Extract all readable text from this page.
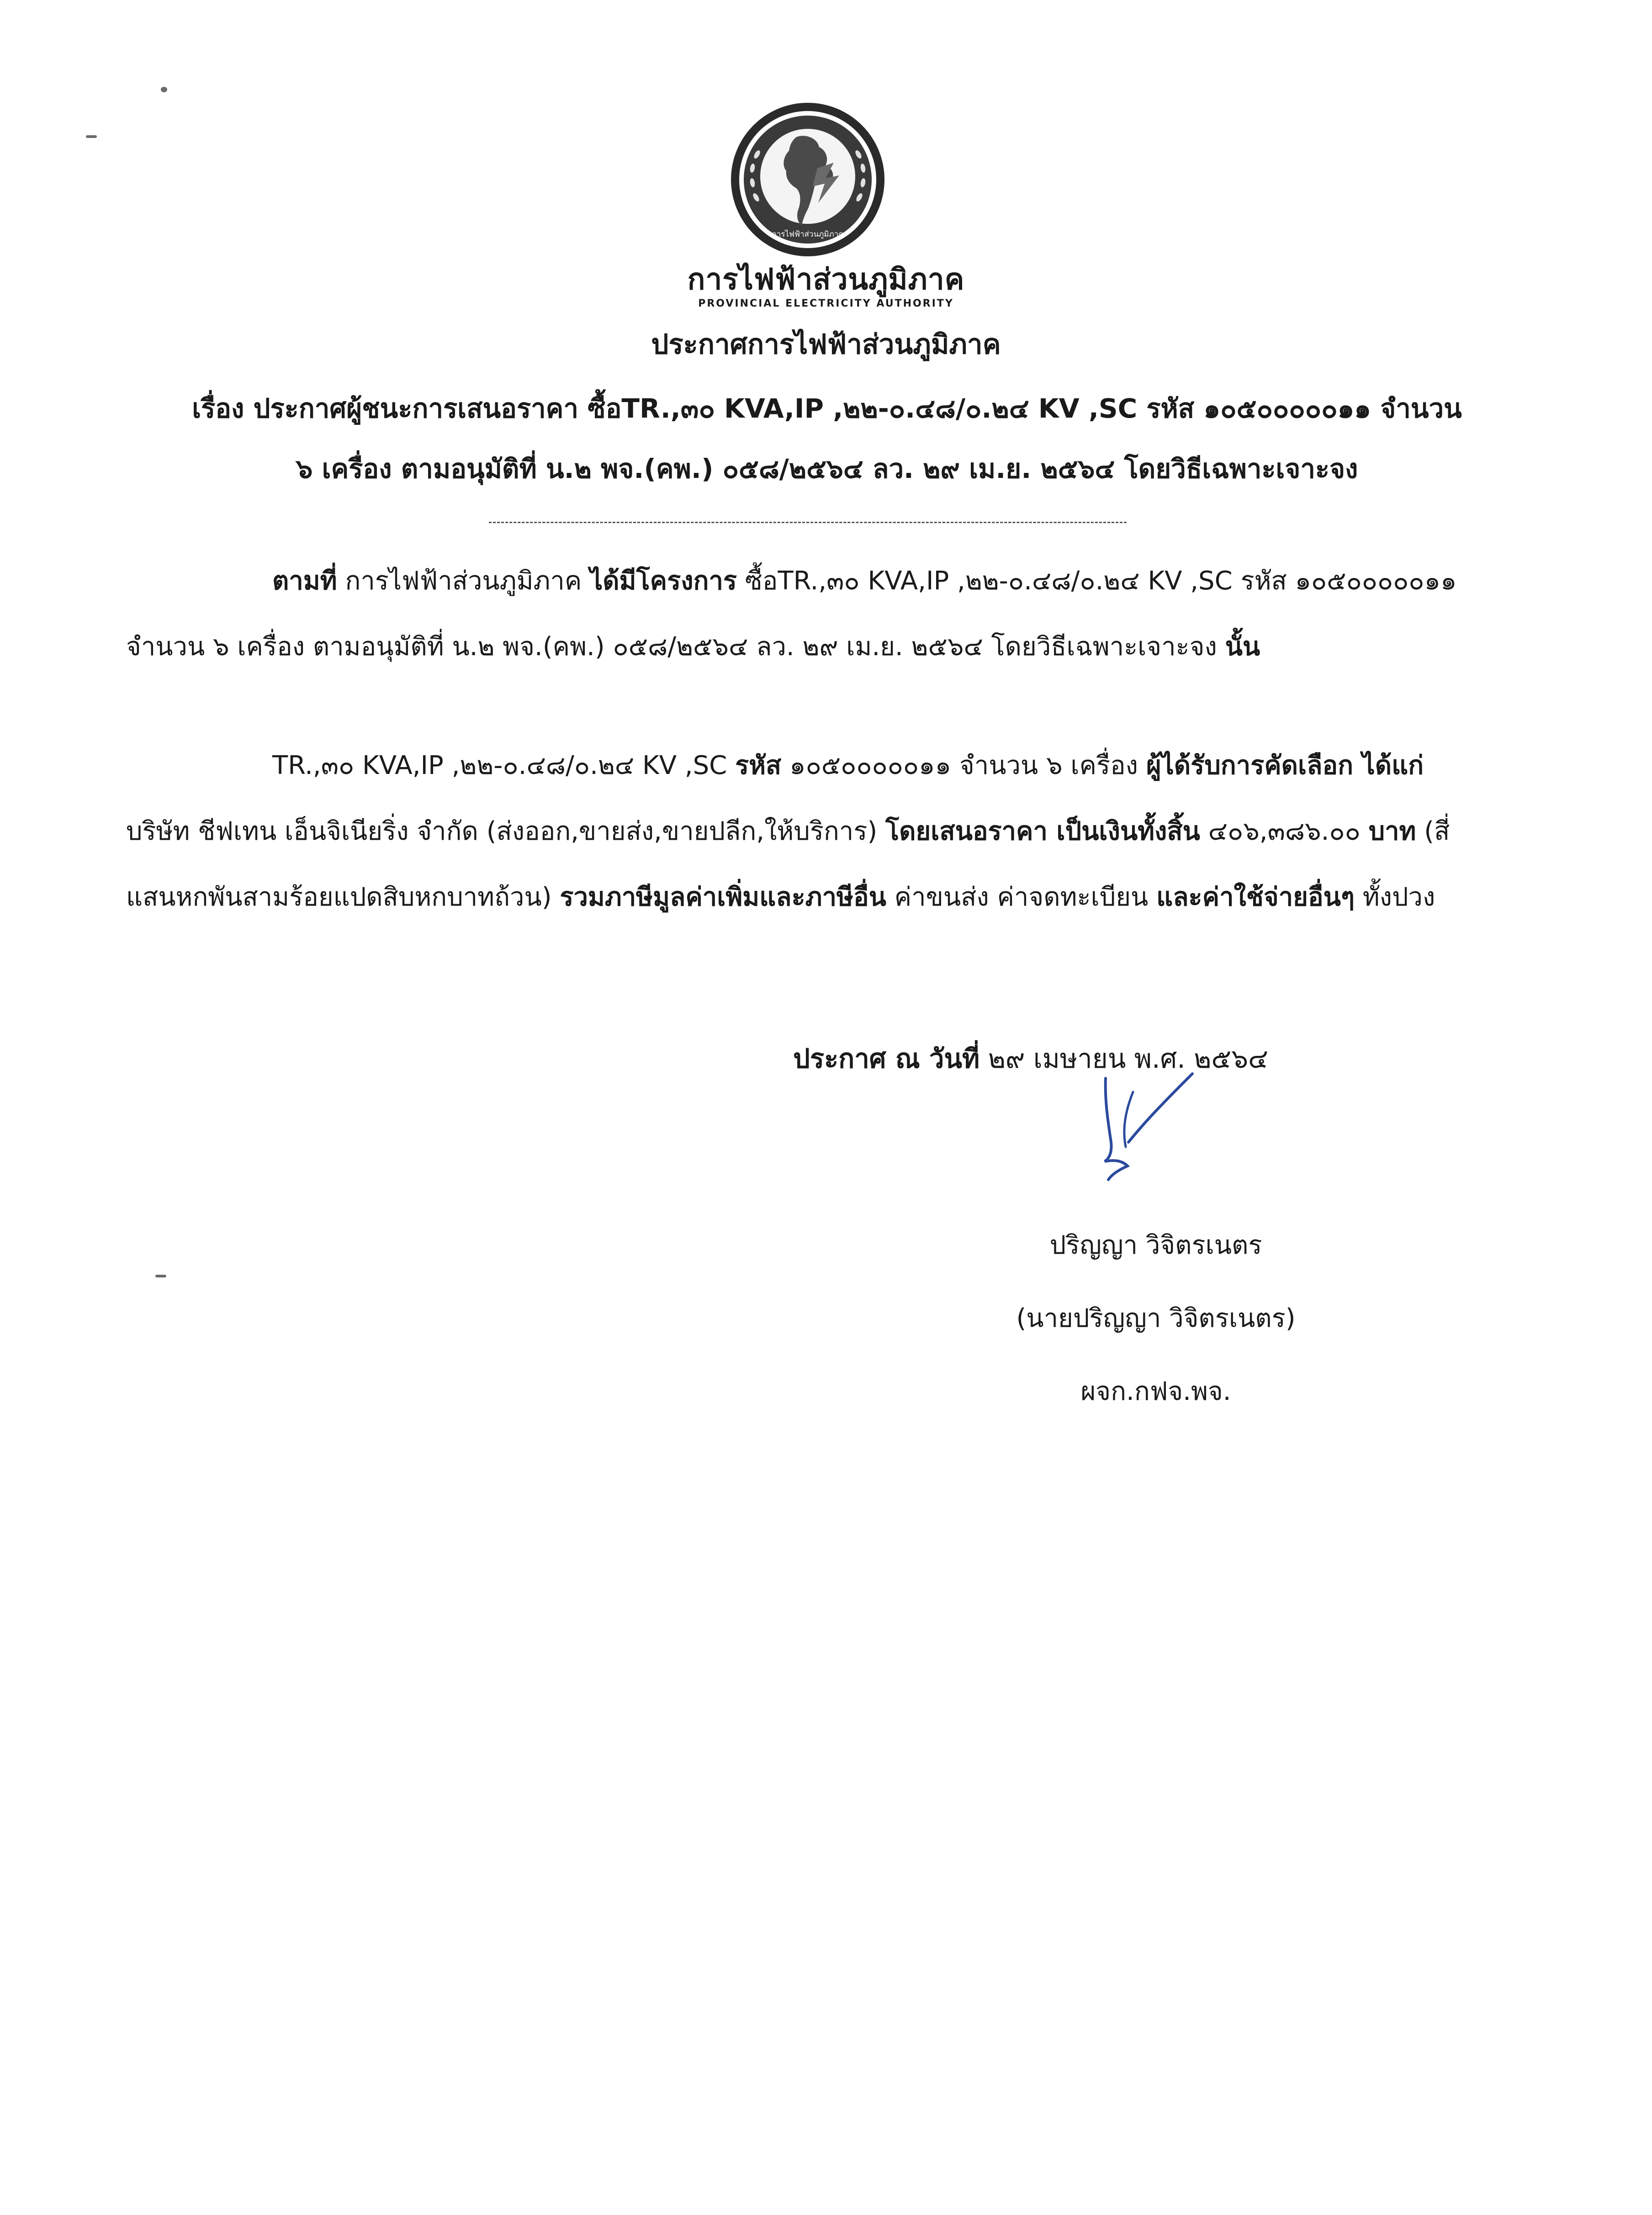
การไฟฟ้าส่วนภูมิภาค
การไฟฟ้าส่วนภูมิภาค
PROVINCIAL ELECTRICITY AUTHORITY
ประกาศการไฟฟ้าส่วนภูมิภาค
เรื่อง ประกาศผู้ชนะการเสนอราคา ซื้อTR.,๓๐ KVA,IP ,๒๒-๐.๔๘/๐.๒๔ KV ,SC รหัส ๑๐๕๐๐๐๐๐๑๑ จำนวน
๖ เครื่อง ตามอนุมัติที่ น.๒ พจ.(คพ.) ๐๕๘/๒๕๖๔ ลว. ๒๙ เม.ย. ๒๕๖๔ โดยวิธีเฉพาะเจาะจง
ตามที่ การไฟฟ้าส่วนภูมิภาค ได้มีโครงการ ซื้อTR.,๓๐ KVA,IP ,๒๒-๐.๔๘/๐.๒๔ KV ,SC รหัส ๑๐๕๐๐๐๐๐๑๑ จำนวน ๖ เครื่อง ตามอนุมัติที่ น.๒ พจ.(คพ.) ๐๕๘/๒๕๖๔ ลว. ๒๙ เม.ย. ๒๕๖๔ โดยวิธีเฉพาะเจาะจง นั้น
TR.,๓๐ KVA,IP ,๒๒-๐.๔๘/๐.๒๔ KV ,SC รหัส ๑๐๕๐๐๐๐๐๑๑ จำนวน ๖ เครื่อง ผู้ได้รับการคัดเลือก ได้แก่ บริษัท ชีฟเทน เอ็นจิเนียริ่ง จำกัด (ส่งออก,ขายส่ง,ขายปลีก,ให้บริการ) โดยเสนอราคา เป็นเงินทั้งสิ้น ๔๐๖,๓๘๖.๐๐ บาท (สี่แสนหกพันสามร้อยแปดสิบหกบาทถ้วน) รวมภาษีมูลค่าเพิ่มและภาษีอื่น ค่าขนส่ง ค่าจดทะเบียน และค่าใช้จ่ายอื่นๆ ทั้งปวง
ประกาศ ณ วันที่ ๒๙ เมษายน พ.ศ. ๒๕๖๔
ปริญญา วิจิตรเนตร
(นายปริญญา วิจิตรเนตร)
ผจก.กฟจ.พจ.
